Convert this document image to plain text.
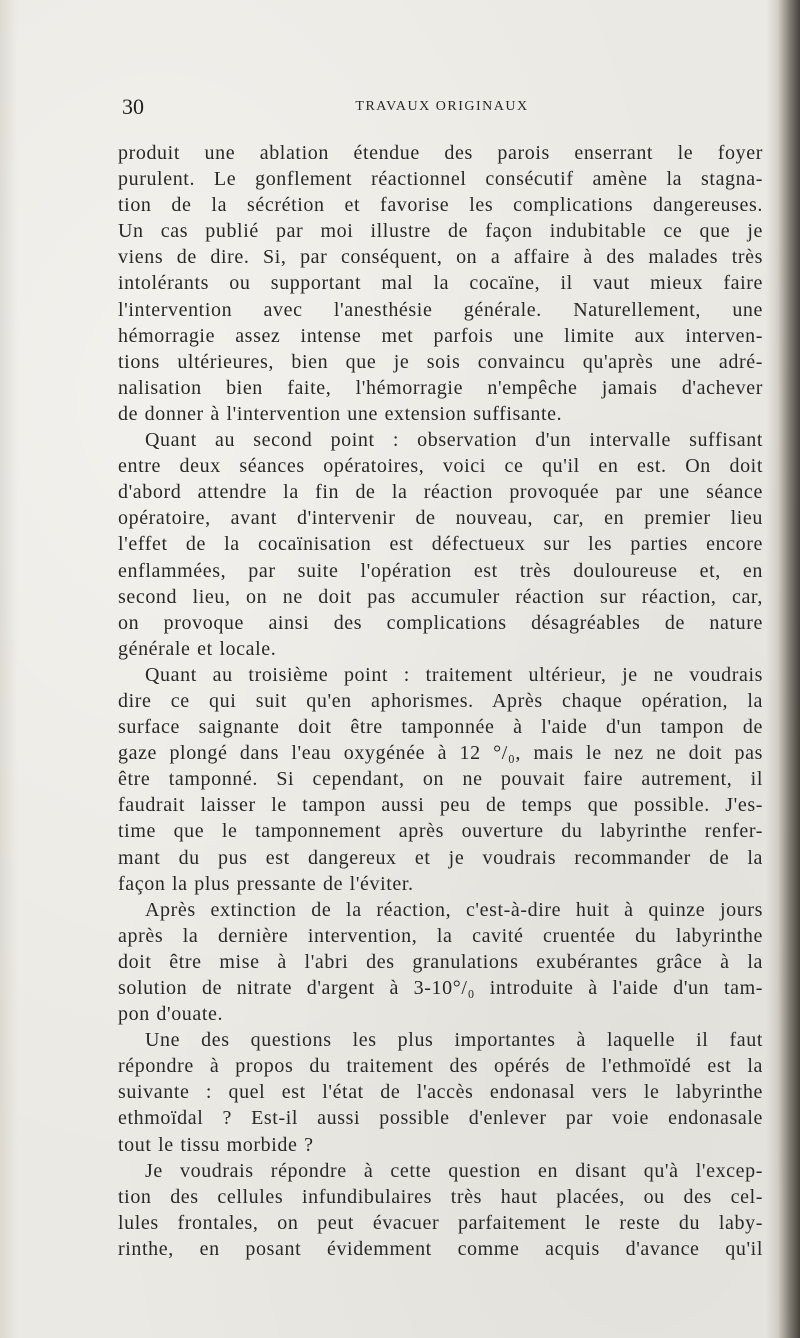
30	TRAVAUX ORIGINAUX
produit une ablation étendue des parois enserrant le foyer
purulent. Le gonflement réactionnel consécutif amène la stagna-
tion de la sécrétion et favorise les complications dangereuses.
Un cas publié par moi illustre de façon indubitable ce que je
viens de dire. Si, par conséquent, on a affaire à des malades très
intolérants ou supportant mal la cocaïne, il vaut mieux faire
l'intervention avec l'anesthésie générale. Naturellement, une
hémorragie assez intense met parfois une limite aux interven-
tions ultérieures, bien que je sois convaincu qu'après une adré-
nalisation bien faite, l'hémorragie n'empêche jamais d'achever
de donner à l'intervention une extension suffisante.
Quant au second point : observation d'un intervalle suffisant
entre deux séances opératoires, voici ce qu'il en est. On doit
d'abord attendre la fin de la réaction provoquée par une séance
opératoire, avant d'intervenir de nouveau, car, en premier lieu
l'effet de la cocaïnisation est défectueux sur les parties encore
enflammées, par suite l'opération est très douloureuse et, en
second lieu, on ne doit pas accumuler réaction sur réaction, car,
on provoque ainsi des complications désagréables de nature
générale et locale.
Quant au troisième point : traitement ultérieur, je ne voudrais
dire ce qui suit qu'en aphorismes. Après chaque opération, la
surface saignante doit être tamponnée à l'aide d'un tampon de
gaze plongé dans l'eau oxygénée à 12 °/₀, mais le nez ne doit pas
être tamponné. Si cependant, on ne pouvait faire autrement, il
faudrait laisser le tampon aussi peu de temps que possible. J'es-
time que le tamponnement après ouverture du labyrinthe renfer-
mant du pus est dangereux et je voudrais recommander de la
façon la plus pressante de l'éviter.
Après extinction de la réaction, c'est-à-dire huit à quinze jours
après la dernière intervention, la cavité cruentée du labyrinthe
doit être mise à l'abri des granulations exubérantes grâce à la
solution de nitrate d'argent à 3-10°/₀ introduite à l'aide d'un tam-
pon d'ouate.
Une des questions les plus importantes à laquelle il faut
répondre à propos du traitement des opérés de l'ethmoïdé est la
suivante : quel est l'état de l'accès endonasal vers le labyrinthe
ethmoïdal ? Est-il aussi possible d'enlever par voie endonasale
tout le tissu morbide ?
Je voudrais répondre à cette question en disant qu'à l'excep-
tion des cellules infundibulaires très haut placées, ou des cel-
lules frontales, on peut évacuer parfaitement le reste du laby-
rinthe, en posant évidemment comme acquis d'avance qu'il
